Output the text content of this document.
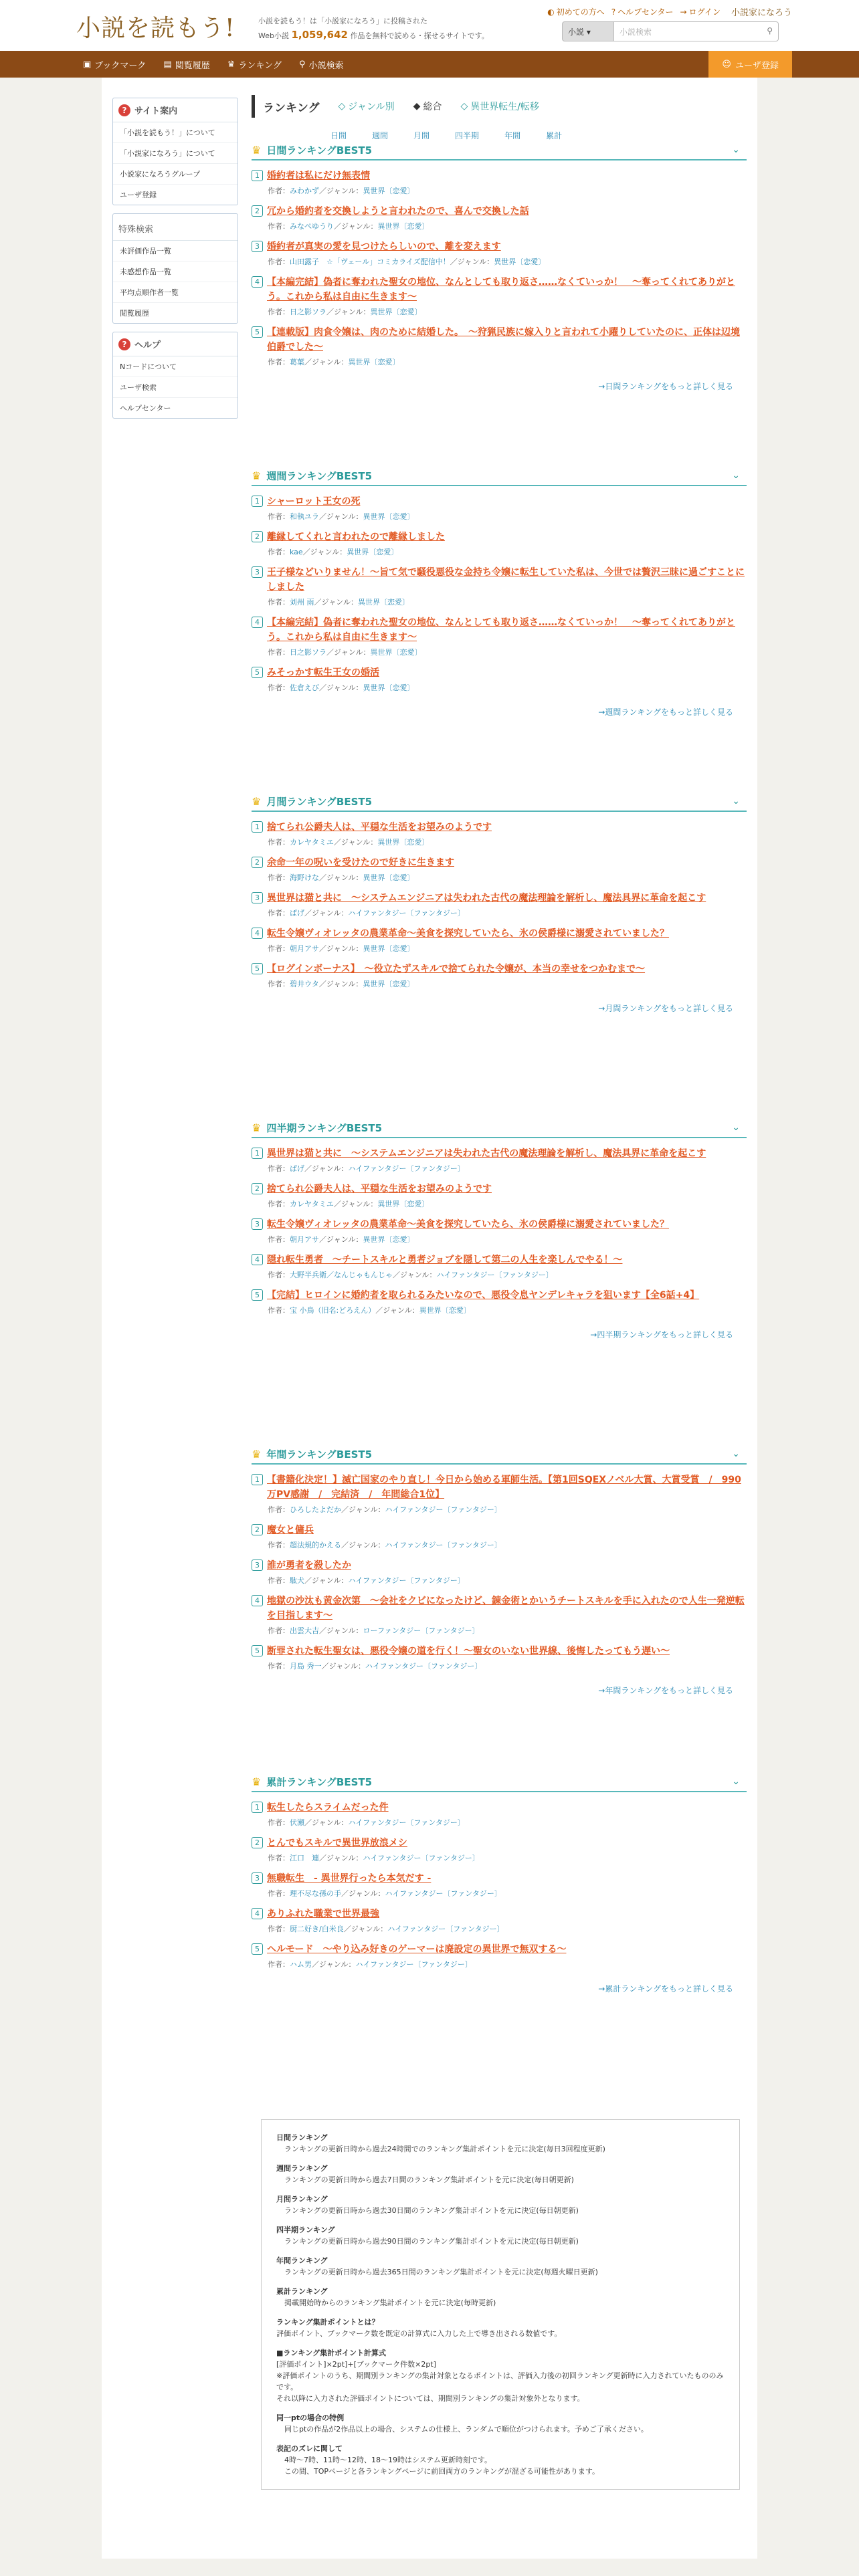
小説を読もう!	小説を読もう！は「小説家になろう」に投稿された
Web小説 1,059,642 作品を無料で読める・探せるサイトです。
◐ 初めての方へ ? ヘルプセンター → ログイン 小説家になろう
小説 ▾	小説検索	⚲
▣ ブックマーク ▤ 閲覧履歴 ♛ ランキング ⚲ 小説検索	☺ ユーザ登録
? サイト案内
「小説を読もう！」について
「小説家になろう」について
小説家になろうグループ
ユーザ登録
特殊検索
未評価作品一覧
未感想作品一覧
平均点順作者一覧
閲覧履歴
? ヘルプ
Nコードについて
ユーザ検索
ヘルプセンター
ランキング ◇ ジャンル別 ◆ 総合 ◇ 異世界転生/転移
日間	週間	月間	四半期	年間	累計
♛ 日間ランキングBEST5	⌄
1 婚約者は私にだけ無表情
作者：みわかず／ジャンル：異世界〔恋愛〕
2 冗から婚約者を交換しようと言われたので、喜んで交換した話
作者：みなぺゆうり／ジャンル：異世界〔恋愛〕
3 婚約者が真実の愛を見つけたらしいので、離を変えます
作者：山田露子　☆「ヴェール」コミカライズ配信中！／ジャンル：異世界〔恋愛〕
4 【本編完結】偽者に奪われた聖女の地位、なんとしても取り返さ……なくていっか！　～奪ってくれてありがとう。これから私は自由に生きます～
作者：日之影ソラ／ジャンル：異世界〔恋愛〕
5 【連載版】肉食令嬢は、肉のために結婚した。　～狩猟民族に嫁入りと言われて小躍りしていたのに、正体は辺境伯爵でした～
作者：葛葉／ジャンル：異世界〔恋愛〕
→日間ランキングをもっと詳しく見る
♛ 週間ランキングBEST5	⌄
1 シャーロット王女の死
作者：和執ユラ／ジャンル：異世界〔恋愛〕
2 離縁してくれと言われたので離縁しました
作者：kae／ジャンル：異世界〔恋愛〕
3 王子様などいりません！～旨て気で騒役悪役な金持ち令嬢に転生していた私は、今世では贅沢三昧に過ごすことにしました
作者：刘州 雨／ジャンル：異世界〔恋愛〕
4 【本編完結】偽者に奪われた聖女の地位、なんとしても取り返さ……なくていっか！　～奪ってくれてありがとう。これから私は自由に生きます～
作者：日之影ソラ／ジャンル：異世界〔恋愛〕
5 みそっかす転生王女の婚活
作者：佐倉えび／ジャンル：異世界〔恋愛〕
→週間ランキングをもっと詳しく見る
♛ 月間ランキングBEST5	⌄
1 捨てられ公爵夫人は、平穏な生活をお望みのようです
作者：カレヤタミエ／ジャンル：異世界〔恋愛〕
2 余命一年の呪いを受けたので好きに生きます
作者：海野けな／ジャンル：異世界〔恋愛〕
3 異世界は猫と共に　～システムエンジニアは失われた古代の魔法理論を解析し、魔法具界に革命を起こす
作者：ぱげ／ジャンル：ハイファンタジー〔ファンタジー〕
4 転生令嬢ヴィオレッタの農業革命～美食を探究していたら、氷の侯爵様に溺愛されていました？
作者：朝月アサ／ジャンル：異世界〔恋愛〕
5 【ログインボーナス】　～役立たずスキルで捨てられた令嬢が、本当の幸せをつかむまで～
作者：碧井ウタ／ジャンル：異世界〔恋愛〕
→月間ランキングをもっと詳しく見る
♛ 四半期ランキングBEST5	⌄
1 異世界は猫と共に　～システムエンジニアは失われた古代の魔法理論を解析し、魔法具界に革命を起こす
作者：ぱげ／ジャンル：ハイファンタジー〔ファンタジー〕
2 捨てられ公爵夫人は、平穏な生活をお望みのようです
作者：カレヤタミエ／ジャンル：異世界〔恋愛〕
3 転生令嬢ヴィオレッタの農業革命～美食を探究していたら、氷の侯爵様に溺愛されていました？
作者：朝月アサ／ジャンル：異世界〔恋愛〕
4 隠れ転生勇者　～チートスキルと勇者ジョブを隠して第二の人生を楽しんでやる！～
作者：大野半兵衛／なんじゃもんじゃ／ジャンル：ハイファンタジー〔ファンタジー〕
5 【完結】ヒロインに婚約者を取られるみたいなので、悪役令息ヤンデレキャラを狙います【全6話+4】
作者：宝 小鳥（旧名:どろえん）／ジャンル：異世界〔恋愛〕
→四半期ランキングをもっと詳しく見る
♛ 年間ランキングBEST5	⌄
1 【書籍化決定！】滅亡国家のやり直し！今日から始める軍師生活。【第1回SQEXノベル大賞、大賞受賞　/　990万PV感謝　/　完結済　/　年間総合1位】
作者：ひろしたよだか／ジャンル：ハイファンタジー〔ファンタジー〕
2 魔女と傭兵
作者：超法規的かえる／ジャンル：ハイファンタジー〔ファンタジー〕
3 誰が勇者を殺したか
作者：駄犬／ジャンル：ハイファンタジー〔ファンタジー〕
4 地獄の沙汰も黄金次第　～会社をクビになったけど、錬金術とかいうチートスキルを手に入れたので人生一発逆転を目指します～
作者：出雲大吉／ジャンル：ローファンタジー〔ファンタジー〕
5 断罪された転生聖女は、悪役令嬢の道を行く！～聖女のいない世界線、後悔したってもう遅い～
作者：月島 秀一／ジャンル：ハイファンタジー〔ファンタジー〕
→年間ランキングをもっと詳しく見る
♛ 累計ランキングBEST5	⌄
1 転生したらスライムだった件
作者：伏瀬／ジャンル：ハイファンタジー〔ファンタジー〕
2 とんでもスキルで異世界放浪メシ
作者：江口　連／ジャンル：ハイファンタジー〔ファンタジー〕
3 無職転生　- 異世界行ったら本気だす -
作者：理不尽な孫の手／ジャンル：ハイファンタジー〔ファンタジー〕
4 ありふれた職業で世界最強
作者：厨二好き/白米良／ジャンル：ハイファンタジー〔ファンタジー〕
5 ヘルモード　～やり込み好きのゲーマーは廃設定の異世界で無双する～
作者：ハム男／ジャンル：ハイファンタジー〔ファンタジー〕
→累計ランキングをもっと詳しく見る
日間ランキング
ランキングの更新日時から過去24時間でのランキング集計ポイントを元に決定(毎日3回程度更新)
週間ランキング
ランキングの更新日時から過去7日間のランキング集計ポイントを元に決定(毎日朝更新)
月間ランキング
ランキングの更新日時から過去30日間のランキング集計ポイントを元に決定(毎日朝更新)
四半期ランキング
ランキングの更新日時から過去90日間のランキング集計ポイントを元に決定(毎日朝更新)
年間ランキング
ランキングの更新日時から過去365日間のランキング集計ポイントを元に決定(毎週火曜日更新)
累計ランキング
掲載開始時からのランキング集計ポイントを元に決定(毎時更新)
ランキング集計ポイントとは？
評価ポイント、ブックマーク数を既定の計算式に入力した上で導き出される数値です。
■ランキング集計ポイント計算式
[評価ポイント]×2pt]+[ブックマーク件数×2pt]
※評価ポイントのうち、期間別ランキングの集計対象となるポイントは、評価入力後の初回ランキング更新時に入力されていたもののみです。
それ以降に入力された評価ポイントについては、期間別ランキングの集計対象外となります。
同一ptの場合の特例
同じptの作品が2作品以上の場合、システムの仕様上、ランダムで順位がつけられます。予めご了承ください。
表記のズレに関して
4時〜7時、11時〜12時、18〜19時はシステム更新時刻です。
この間、TOPページと各ランキングページに前回両方のランキングが混ざる可能性があります。
